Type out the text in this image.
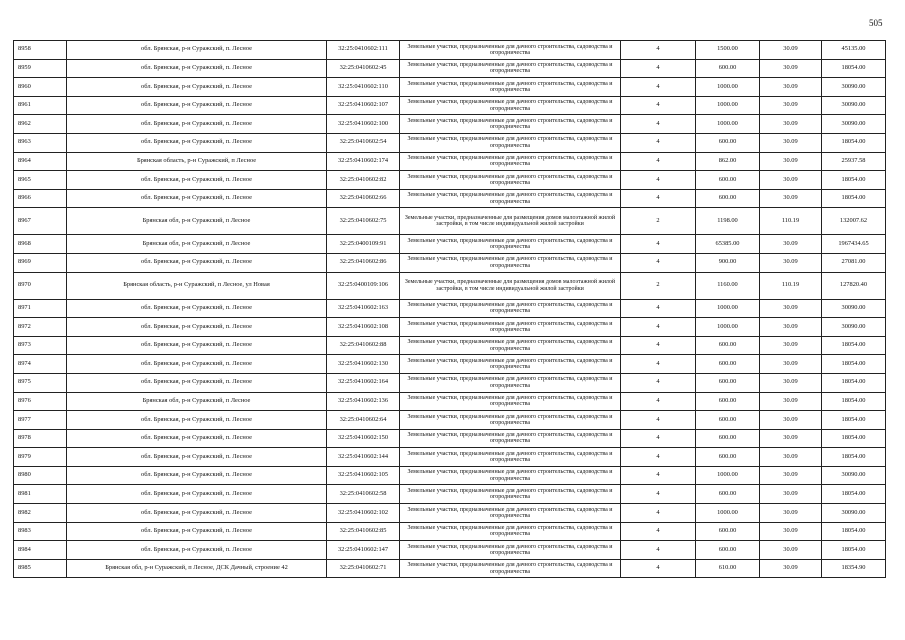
505
8958	обл. Брянская, р-н Суражский, п. Лесное	32:25:0410602:111	Земельные участки, предназначенные для дачного строительства, садоводства и огородничества	4	1500.00	30.09	45135.00
8959	обл. Брянская, р-н Суражский, п. Лесное	32:25:0410602:45	Земельные участки, предназначенные для дачного строительства, садоводства и огородничества	4	600.00	30.09	18054.00
8960	обл. Брянская, р-н Суражский, п. Лесное	32:25:0410602:110	Земельные участки, предназначенные для дачного строительства, садоводства и огородничества	4	1000.00	30.09	30090.00
8961	обл. Брянская, р-н Суражский, п. Лесное	32:25:0410602:107	Земельные участки, предназначенные для дачного строительства, садоводства и огородничества	4	1000.00	30.09	30090.00
8962	обл. Брянская, р-н Суражский, п. Лесное	32:25:0410602:100	Земельные участки, предназначенные для дачного строительства, садоводства и огородничества	4	1000.00	30.09	30090.00
8963	обл. Брянская, р-н Суражский, п. Лесное	32:25:0410602:54	Земельные участки, предназначенные для дачного строительства, садоводства и огородничества	4	600.00	30.09	18054.00
8964	Брянская область, р-н Суражский, п Лесное	32:25:0410602:174	Земельные участки, предназначенные для дачного строительства, садоводства и огородничества	4	862.00	30.09	25937.58
8965	обл. Брянская, р-н Суражский, п. Лесное	32:25:0410602:82	Земельные участки, предназначенные для дачного строительства, садоводства и огородничества	4	600.00	30.09	18054.00
8966	обл. Брянская, р-н Суражский, п. Лесное	32:25:0410602:66	Земельные участки, предназначенные для дачного строительства, садоводства и огородничества	4	600.00	30.09	18054.00
8967	Брянская обл, р-н Суражский, п Лесное	32:25:0410602:75	Земельные участки, предназначенные для размещения домов малоэтажной жилой застройки, в том числе индивидуальной жилой застройки	2	1198.00	110.19	132007.62
8968	Брянская обл, р-н Суражский, п Лесное	32:25:0400109:91	Земельные участки, предназначенные для дачного строительства, садоводства и огородничества	4	65385.00	30.09	1967434.65
8969	обл. Брянская, р-н Суражский, п. Лесное	32:25:0410602:86	Земельные участки, предназначенные для дачного строительства, садоводства и огородничества	4	900.00	30.09	27081.00
8970	Брянская область, р-н Суражский, п Лесное, ул Новая	32:25:0400109:106	Земельные участки, предназначенные для размещения домов малоэтажной жилой застройки, в том числе индивидуальной жилой застройки	2	1160.00	110.19	127820.40
8971	обл. Брянская, р-н Суражский, п. Лесное	32:25:0410602:163	Земельные участки, предназначенные для дачного строительства, садоводства и огородничества	4	1000.00	30.09	30090.00
8972	обл. Брянская, р-н Суражский, п. Лесное	32:25:0410602:108	Земельные участки, предназначенные для дачного строительства, садоводства и огородничества	4	1000.00	30.09	30090.00
8973	обл. Брянская, р-н Суражский, п. Лесное	32:25:0410602:88	Земельные участки, предназначенные для дачного строительства, садоводства и огородничества	4	600.00	30.09	18054.00
8974	обл. Брянская, р-н Суражский, п. Лесное	32:25:0410602:130	Земельные участки, предназначенные для дачного строительства, садоводства и огородничества	4	600.00	30.09	18054.00
8975	обл. Брянская, р-н Суражский, п. Лесное	32:25:0410602:164	Земельные участки, предназначенные для дачного строительства, садоводства и огородничества	4	600.00	30.09	18054.00
8976	Брянская обл, р-н Суражский, п Лесное	32:25:0410602:136	Земельные участки, предназначенные для дачного строительства, садоводства и огородничества	4	600.00	30.09	18054.00
8977	обл. Брянская, р-н Суражский, п. Лесное	32:25:0410602:64	Земельные участки, предназначенные для дачного строительства, садоводства и огородничества	4	600.00	30.09	18054.00
8978	обл. Брянская, р-н Суражский, п. Лесное	32:25:0410602:150	Земельные участки, предназначенные для дачного строительства, садоводства и огородничества	4	600.00	30.09	18054.00
8979	обл. Брянская, р-н Суражский, п. Лесное	32:25:0410602:144	Земельные участки, предназначенные для дачного строительства, садоводства и огородничества	4	600.00	30.09	18054.00
8980	обл. Брянская, р-н Суражский, п. Лесное	32:25:0410602:105	Земельные участки, предназначенные для дачного строительства, садоводства и огородничества	4	1000.00	30.09	30090.00
8981	обл. Брянская, р-н Суражский, п. Лесное	32:25:0410602:58	Земельные участки, предназначенные для дачного строительства, садоводства и огородничества	4	600.00	30.09	18054.00
8982	обл. Брянская, р-н Суражский, п. Лесное	32:25:0410602:102	Земельные участки, предназначенные для дачного строительства, садоводства и огородничества	4	1000.00	30.09	30090.00
8983	обл. Брянская, р-н Суражский, п. Лесное	32:25:0410602:85	Земельные участки, предназначенные для дачного строительства, садоводства и огородничества	4	600.00	30.09	18054.00
8984	обл. Брянская, р-н Суражский, п. Лесное	32:25:0410602:147	Земельные участки, предназначенные для дачного строительства, садоводства и огородничества	4	600.00	30.09	18054.00
8985	Брянская обл, р-н Суражский, п Лесное, ДСК Дачный, строение 42	32:25:0410602:71	Земельные участки, предназначенные для дачного строительства, садоводства и огородничества	4	610.00	30.09	18354.90
